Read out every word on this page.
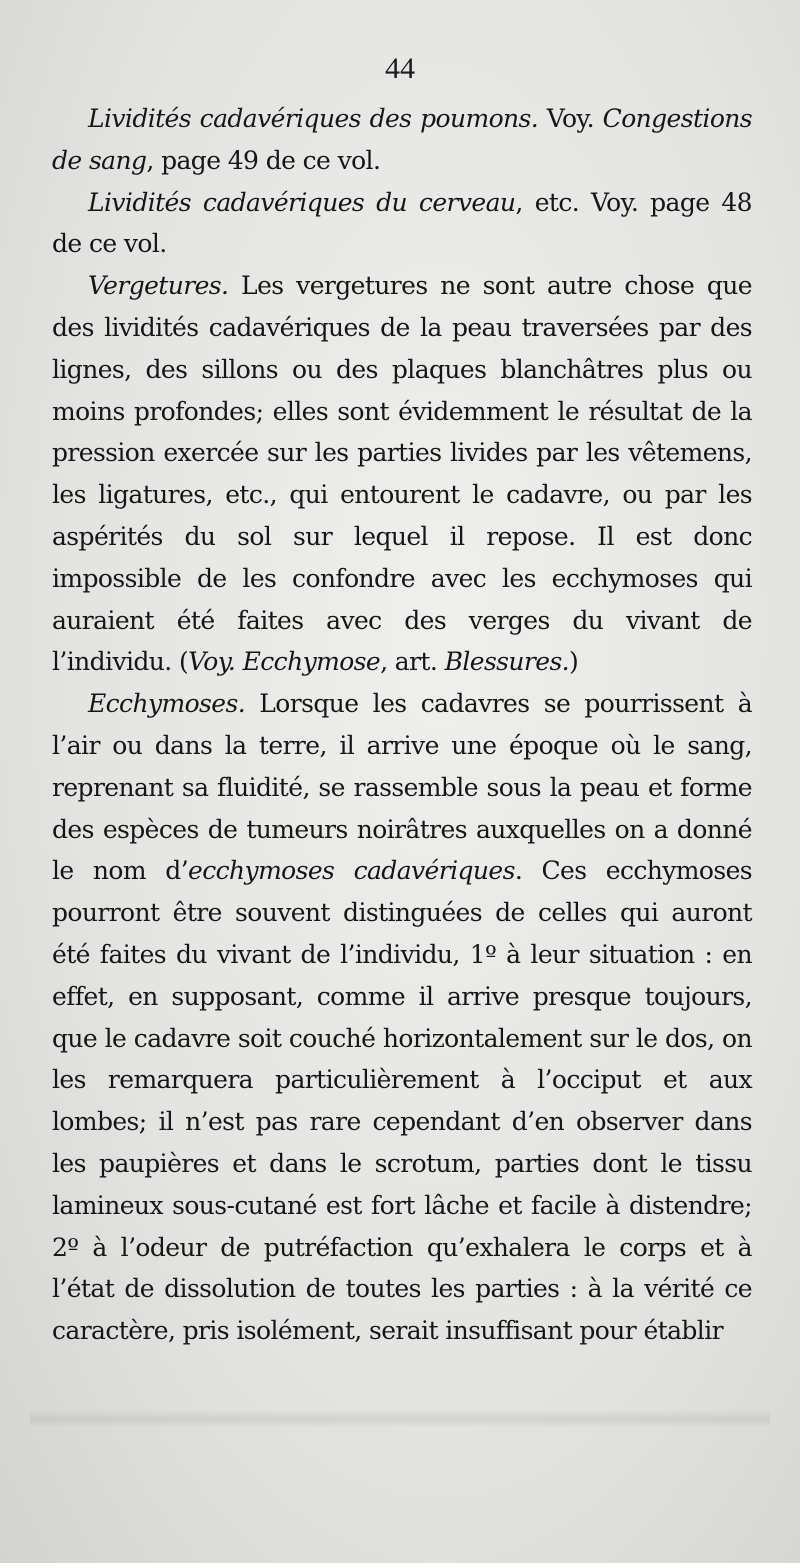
44

Lividités cadavériques des poumons. Voy. Congestions de sang, page 49 de ce vol.

Lividités cadavériques du cerveau, etc. Voy. page 48 de ce vol.

Vergetures. Les vergetures ne sont autre chose que des lividités cadavériques de la peau traversées par des lignes, des sillons ou des plaques blanchâtres plus ou moins profondes; elles sont évidemment le résultat de la pression exercée sur les parties livides par les vêtemens, les ligatures, etc., qui entourent le cadavre, ou par les aspérités du sol sur lequel il repose. Il est donc impossible de les confondre avec les ecchymoses qui auraient été faites avec des verges du vivant de l’individu. (Voy. Ecchymose, art. Blessures.)

Ecchymoses. Lorsque les cadavres se pourrissent à l’air ou dans la terre, il arrive une époque où le sang, reprenant sa fluidité, se rassemble sous la peau et forme des espèces de tumeurs noirâtres auxquelles on a donné le nom d’ecchymoses cadavériques. Ces ecchymoses pourront être souvent distinguées de celles qui auront été faites du vivant de l’individu, 1º à leur situation : en effet, en supposant, comme il arrive presque toujours, que le cadavre soit couché horizontalement sur le dos, on les remarquera particulièrement à l’occiput et aux lombes; il n’est pas rare cependant d’en observer dans les paupières et dans le scrotum, parties dont le tissu lamineux sous-cutané est fort lâche et facile à distendre; 2º à l’odeur de putréfaction qu’exhalera le corps et à l’état de dissolution de toutes les parties : à la vérité ce caractère, pris isolément, serait insuffisant pour établir
